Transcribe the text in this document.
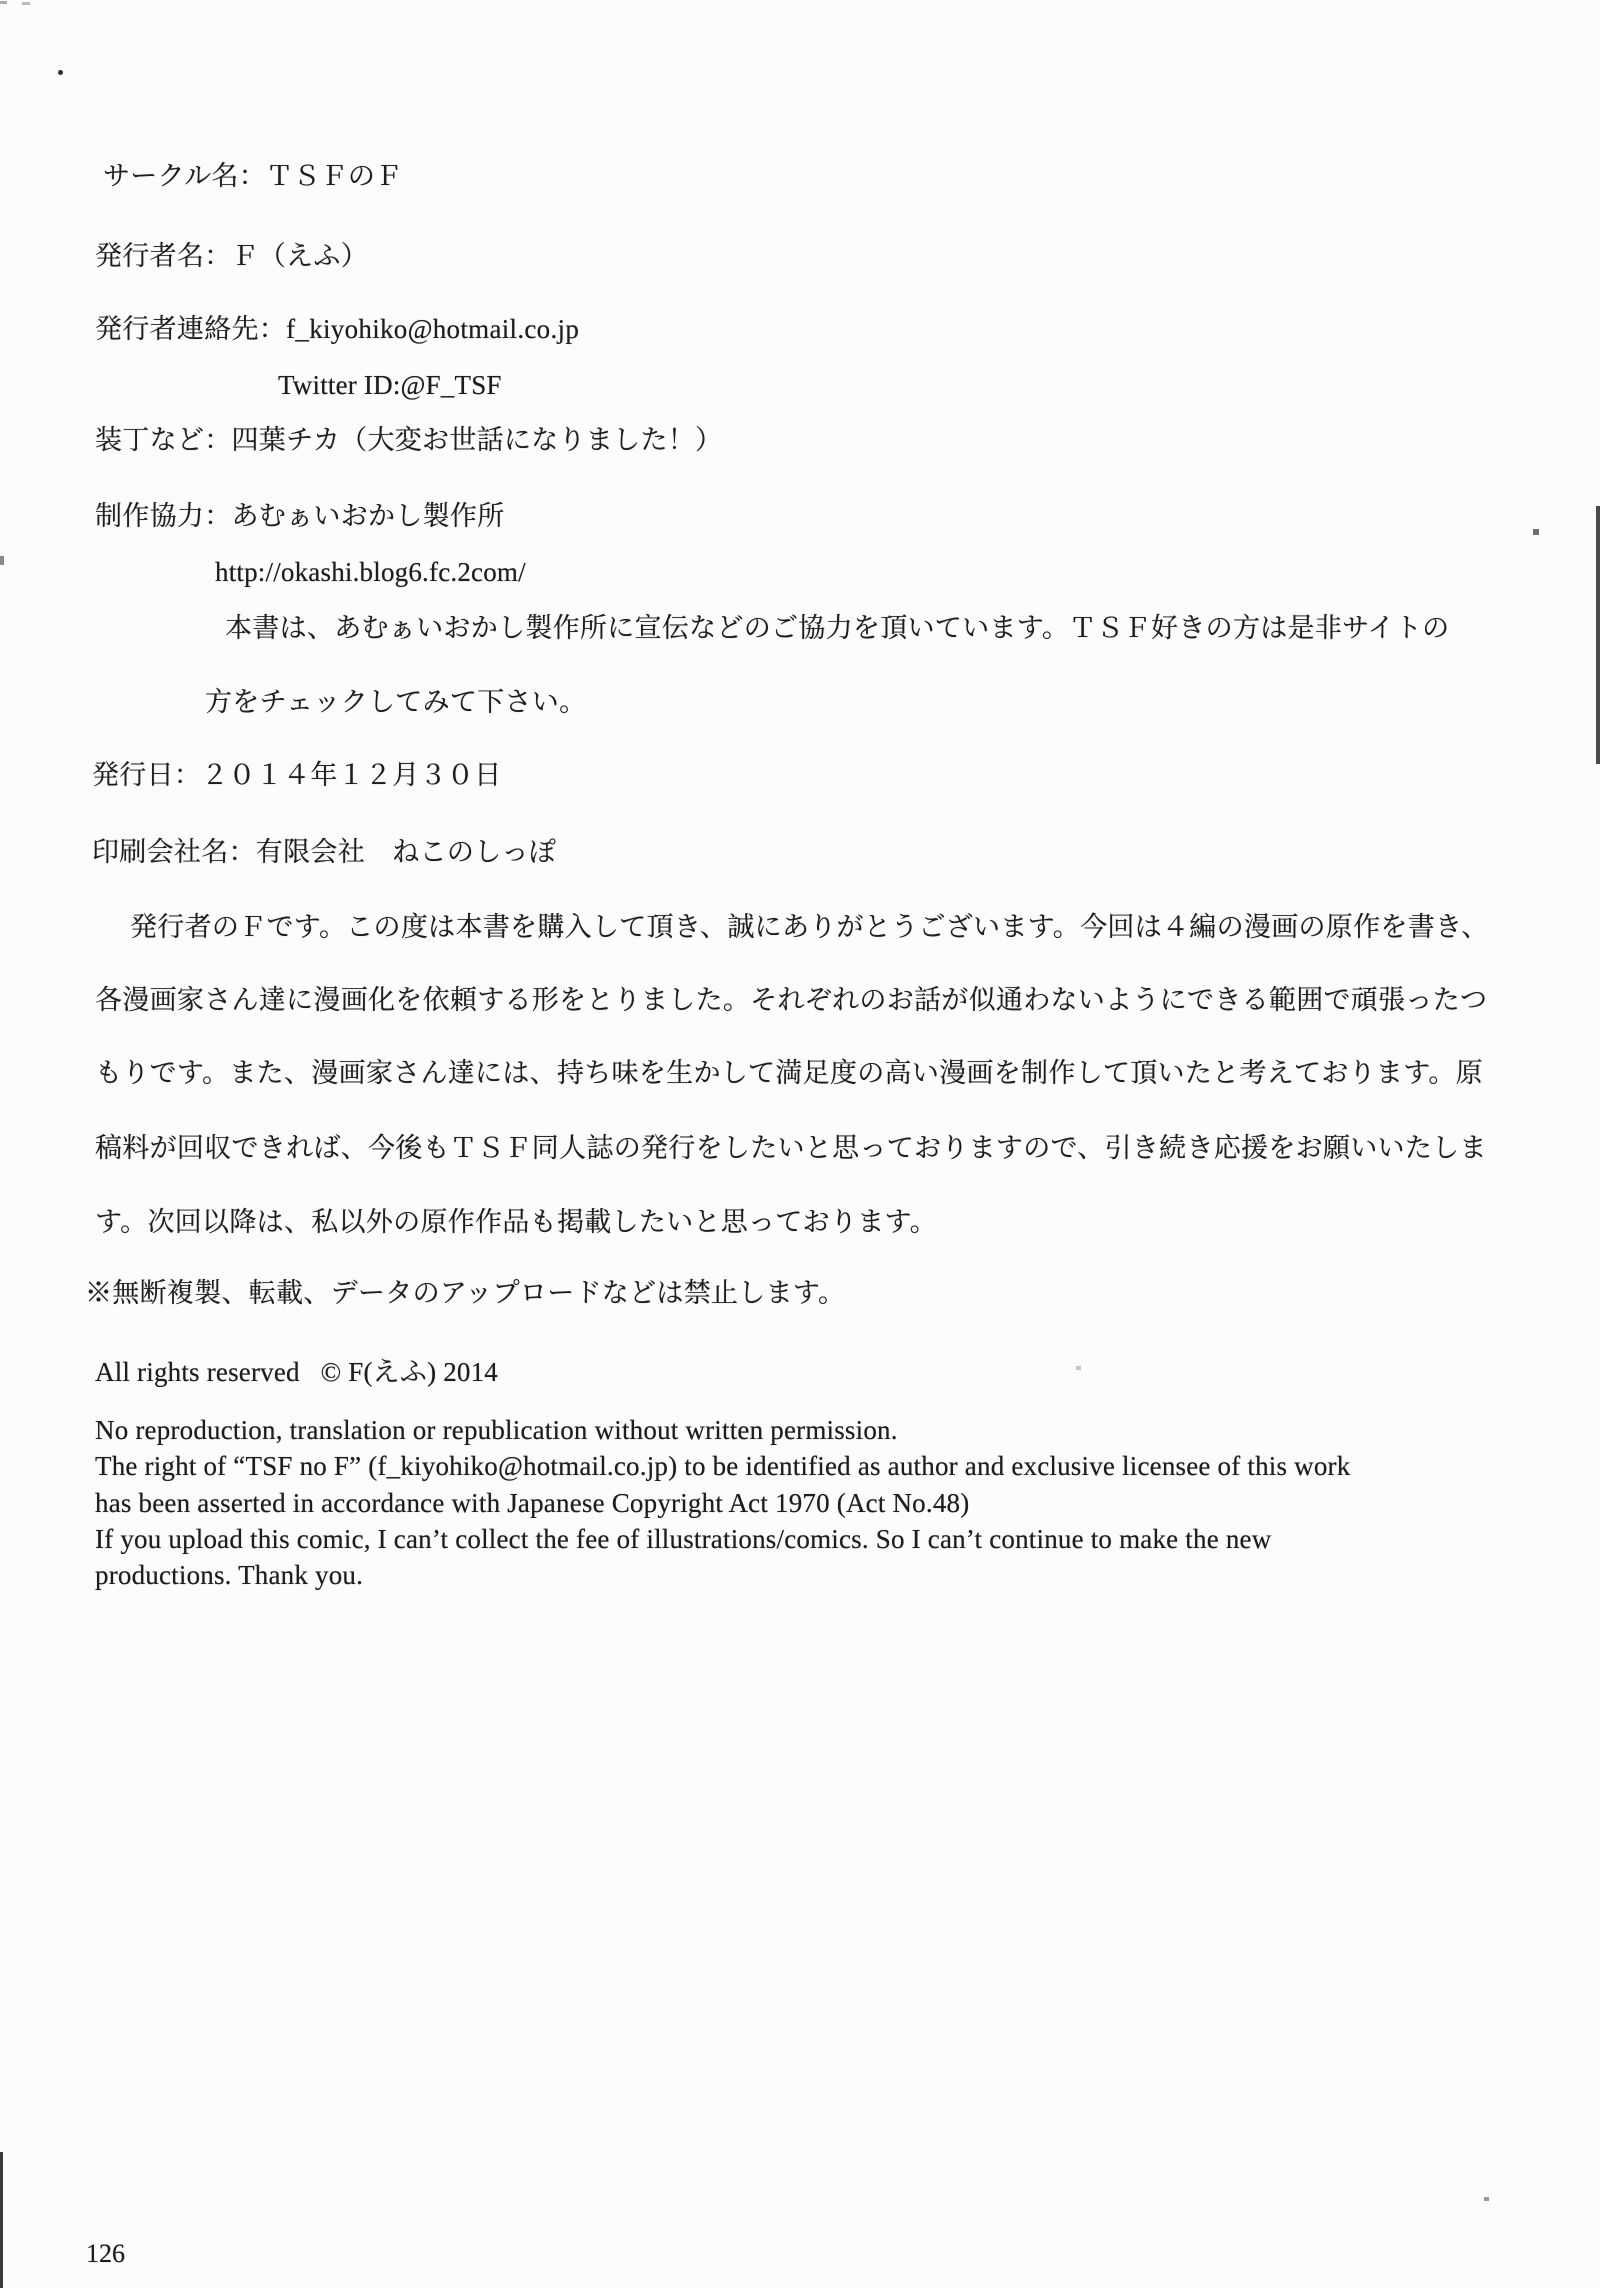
サークル名：ＴＳＦのＦ
発行者名：Ｆ（えふ）
発行者連絡先：f_kiyohiko@hotmail.co.jp
Twitter ID:@F_TSF
装丁など：四葉チカ（大変お世話になりました！）
制作協力：あむぁいおかし製作所
http://okashi.blog6.fc.2com/
本書は、あむぁいおかし製作所に宣伝などのご協力を頂いています。ＴＳＦ好きの方は是非サイトの
方をチェックしてみて下さい。
発行日：２０１４年１２月３０日
印刷会社名：有限会社　ねこのしっぽ
発行者のＦです。この度は本書を購入して頂き、誠にありがとうございます。今回は４編の漫画の原作を書き、
各漫画家さん達に漫画化を依頼する形をとりました。それぞれのお話が似通わないようにできる範囲で頑張ったつ
もりです。また、漫画家さん達には、持ち味を生かして満足度の高い漫画を制作して頂いたと考えております。原
稿料が回収できれば、今後もＴＳＦ同人誌の発行をしたいと思っておりますので、引き続き応援をお願いいたしま
す。次回以降は、私以外の原作作品も掲載したいと思っております。
※無断複製、転載、データのアップロードなどは禁止します。
All rights reserved   © F(えふ) 2014
No reproduction, translation or republication without written permission.
The right of “TSF no F” (f_kiyohiko@hotmail.co.jp) to be identified as author and exclusive licensee of this work
has been asserted in accordance with Japanese Copyright Act 1970 (Act No.48)
If you upload this comic, I can’t collect the fee of illustrations/comics. So I can’t continue to make the new
productions. Thank you.
126
